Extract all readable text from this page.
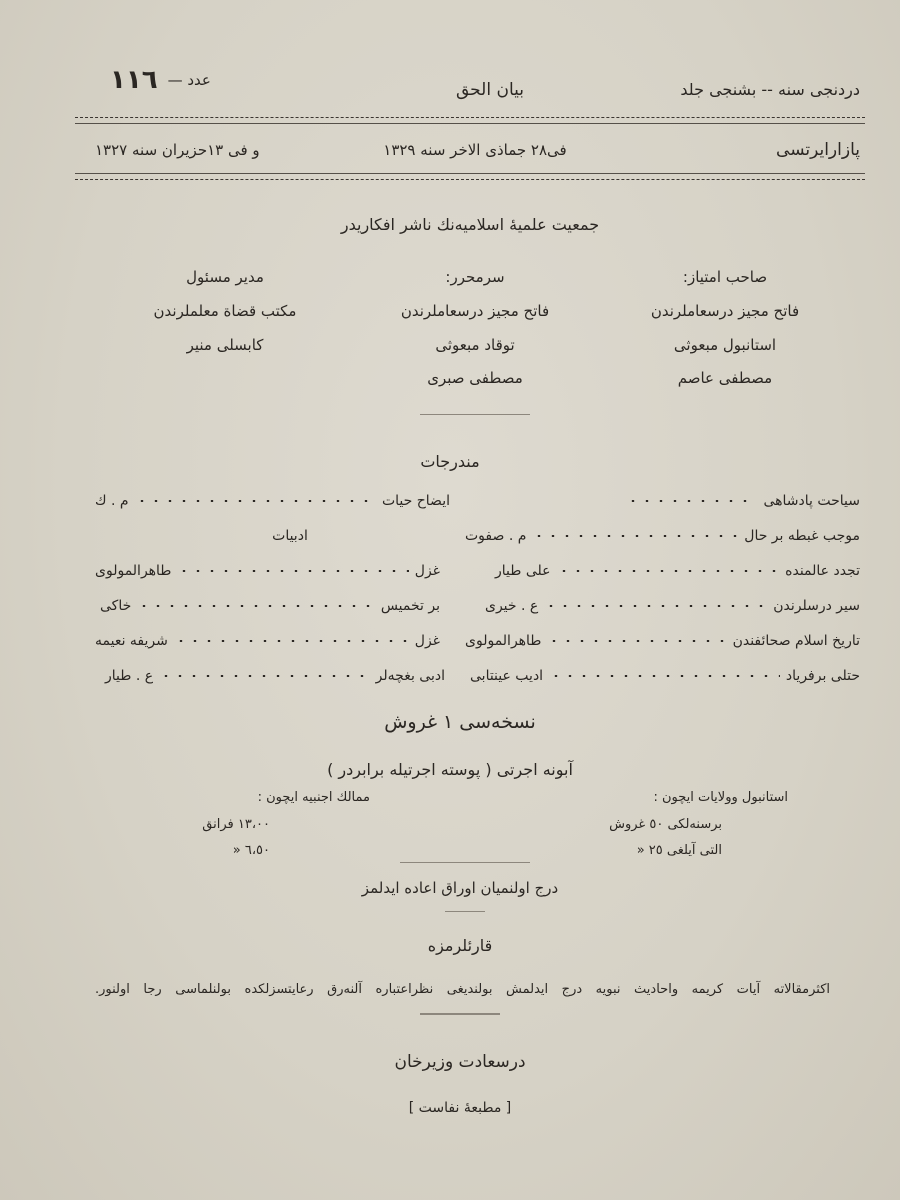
دردنجى سنه -- بشنجى جلد
بيان الحق
١١٦ عدد —
پازارايرتسى
فى٢٨ جماذى الاخر سنه ١٣٢٩
و فى ١٣حزيران سنه ١٣٢٧
جمعيت علميهٔ اسلاميه‌نك ناشر افكاريدر
صاحب امتياز:
فاتح مجيز درسعاملرندن
استانبول مبعوثى
مصطفى عاصم
سرمحرر:
فاتح مجيز درسعاملرندن
توقاد مبعوثى
مصطفى صبرى
مدير مسئول
مكتب قضاة معلملرندن
كابسلى منير
مندرجات
سياحت پادشاهى
موجب غبطه بر حال
م . صفوت
تجدد عالمنده
على طيار
سير درسلرندن
ع . خيرى
تاريخ اسلام صحائفندن
طاهرالمولوى
حتلى برفرياد
اديب عينتابى
ايضاح حيات
م . ك
ادبيات
غزل
طاهرالمولوى
بر تخميس
خاكى
غزل
شريفه نعيمه
ادبى بغچه‌لر
ع . طيار
نسخه‌سى ١ غروش
آبونه اجرتى ( پوسته اجرتيله برابردر )
استانبول وولايات ايچون :
برسنه‌لكى ٥٠ غروش
التى آيلغى ٢٥ «
ممالك اجنبيه ايچون :
١٣،٠٠ فرانق
٦،٥٠ «
درج اولنميان اوراق اعاده ايدلمز
قارئلرمزه
اكثرمقالاته آيات كريمه واحاديث نبويه درج ايدلمش بولنديغى نظراعتباره آلنه‌رق رعايتسزلكده بولنلماسى رجا اولنور.
درسعادت وزيرخان
[ مطبعهٔ نفاست ]
